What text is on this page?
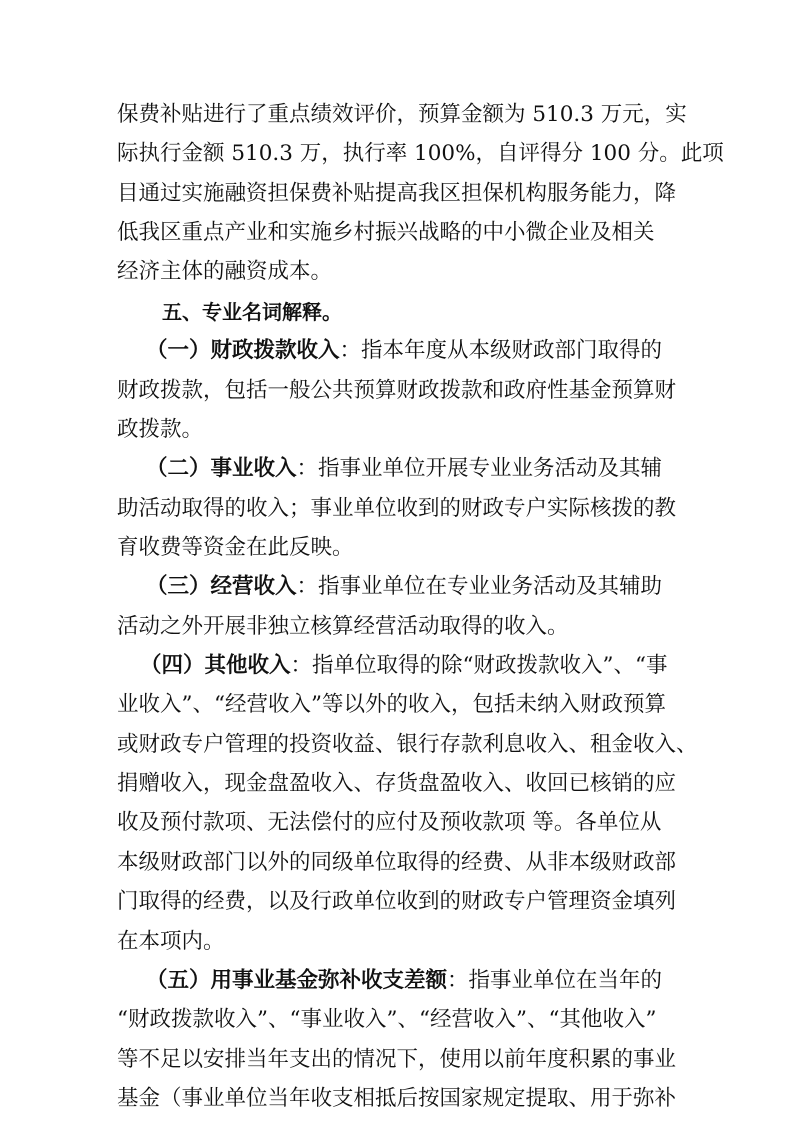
保费补贴进行了重点绩效评价，预算金额为 510.3 万元，实
际执行金额 510.3 万，执行率 100%，自评得分 100 分。此项
目通过实施融资担保费补贴提高我区担保机构服务能力，降
低我区重点产业和实施乡村振兴战略的中小微企业及相关
经济主体的融资成本。
五、专业名词解释。
（一）财政拨款收入：指本年度从本级财政部门取得的
财政拨款，包括一般公共预算财政拨款和政府性基金预算财
政拨款。
（二）事业收入：指事业单位开展专业业务活动及其辅
助活动取得的收入；事业单位收到的财政专户实际核拨的教
育收费等资金在此反映。
（三）经营收入：指事业单位在专业业务活动及其辅助
活动之外开展非独立核算经营活动取得的收入。
（四）其他收入：指单位取得的除“财政拨款收入”、“事
业收入”、“经营收入”等以外的收入，包括未纳入财政预算
或财政专户管理的投资收益、银行存款利息收入、租金收入、
捐赠收入，现金盘盈收入、存货盘盈收入、收回已核销的应
收及预付款项、无法偿付的应付及预收款项 等。各单位从
本级财政部门以外的同级单位取得的经费、从非本级财政部
门取得的经费，以及行政单位收到的财政专户管理资金填列
在本项内。
（五）用事业基金弥补收支差额：指事业单位在当年的
“财政拨款收入”、“事业收入”、“经营收入”、“其他收入”
等不足以安排当年支出的情况下，使用以前年度积累的事业
基金（事业单位当年收支相抵后按国家规定提取、用于弥补
